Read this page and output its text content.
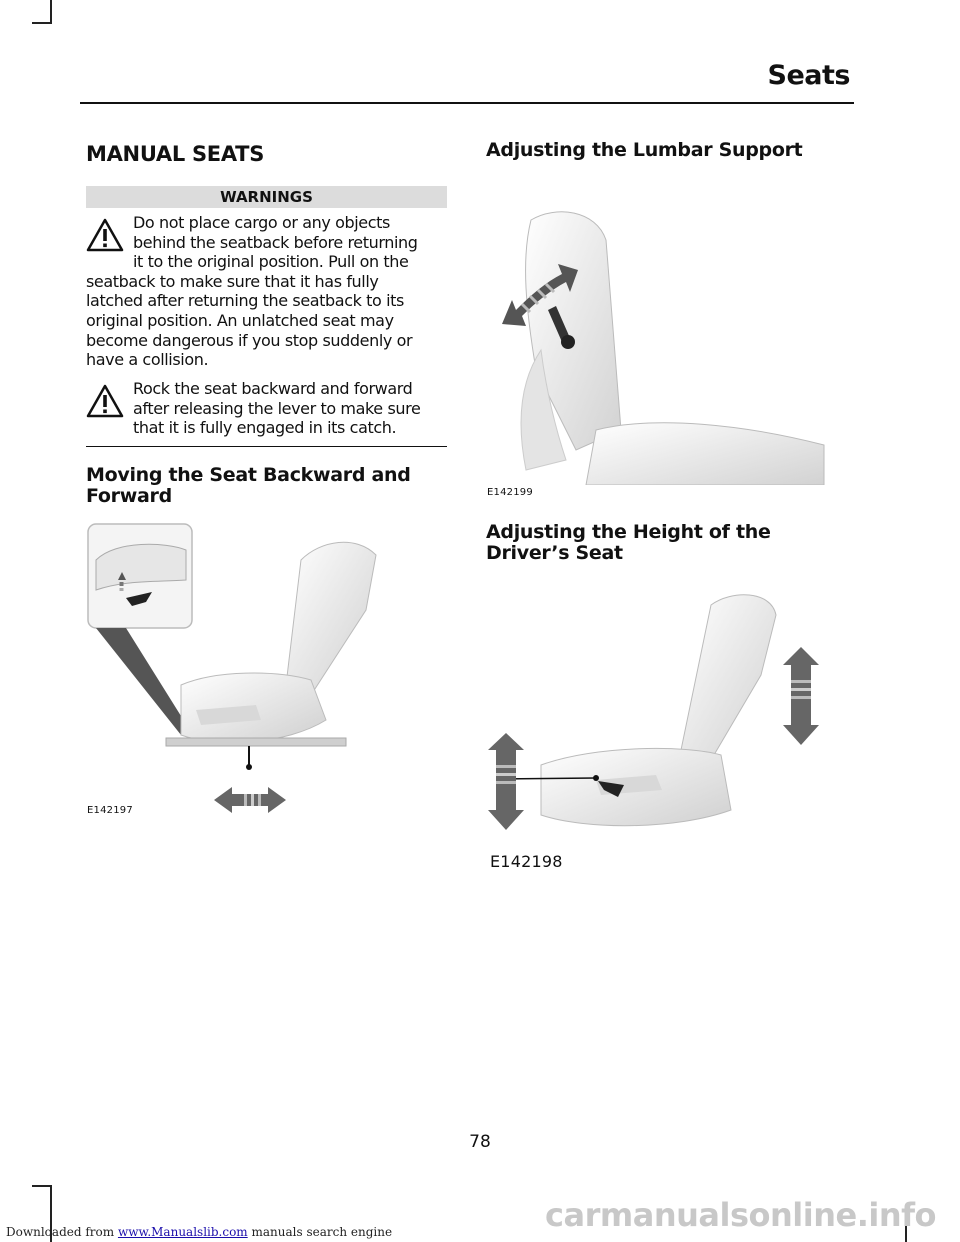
Seats
MANUAL SEATS
WARNINGS
Do not place cargo or any objects
behind the seatback before returning
it to the original position. Pull on the
seatback to make sure that it has fully
latched after returning the seatback to its
original position. An unlatched seat may
become dangerous if you stop suddenly or
have a collision.
Rock the seat backward and forward
after releasing the lever to make sure
that it is fully engaged in its catch.
Moving the Seat Backward and
Forward
E142197
Adjusting the Lumbar Support
E142199
Adjusting the Height of the
Driver’s Seat
E142198
78
Downloaded from www.Manualslib.com manuals search engine	carmanualsonline.info
